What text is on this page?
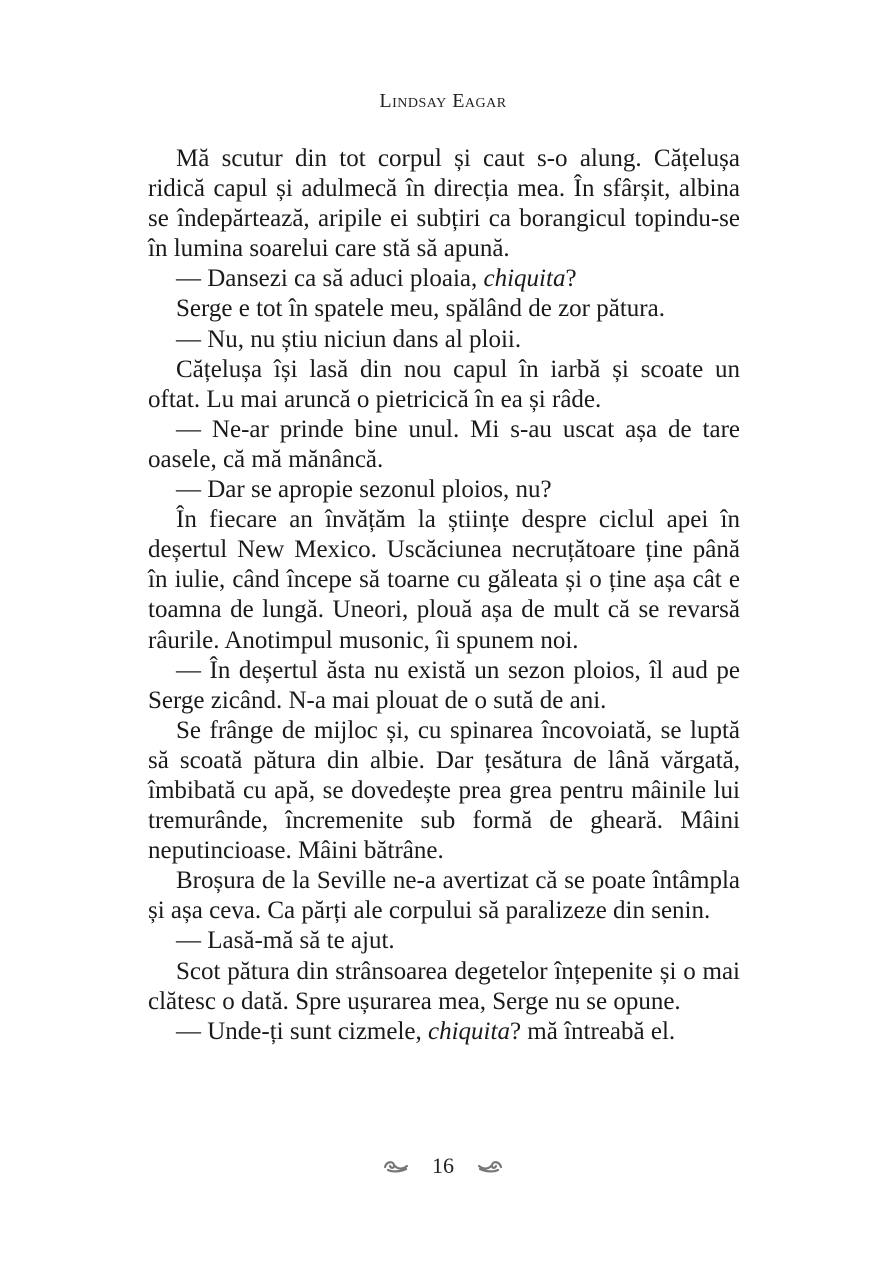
Lindsay Eagar

Mă scutur din tot corpul și caut s-o alung. Cățelușa ridică capul și adulmecă în direcția mea. În sfârșit, albina se îndepărtează, aripile ei subțiri ca borangicul topindu-se în lumina soarelui care stă să apună.

— Dansezi ca să aduci ploaia, chiquita?

Serge e tot în spatele meu, spălând de zor pătura.

— Nu, nu știu niciun dans al ploii.

Cățelușa își lasă din nou capul în iarbă și scoate un oftat. Lu mai aruncă o pietricică în ea și râde.

— Ne-ar prinde bine unul. Mi s-au uscat așa de tare oasele, că mă mănâncă.

— Dar se apropie sezonul ploios, nu?

În fiecare an învățăm la științe despre ciclul apei în deșertul New Mexico. Uscăciunea necruțătoare ține până în iulie, când începe să toarne cu găleata și o ține așa cât e toamna de lungă. Uneori, plouă așa de mult că se revarsă râurile. Anotimpul musonic, îi spunem noi.

— În deșertul ăsta nu există un sezon ploios, îl aud pe Serge zicând. N-a mai plouat de o sută de ani.

Se frânge de mijloc și, cu spinarea încovoiată, se luptă să scoată pătura din albie. Dar țesătura de lână vărgată, îmbibată cu apă, se dovedește prea grea pentru mâinile lui tremurânde, încremenite sub formă de gheară. Mâini neputincioase. Mâini bătrâne.

Broșura de la Seville ne-a avertizat că se poate întâmpla și așa ceva. Ca părți ale corpului să paralizeze din senin.

— Lasă-mă să te ajut.

Scot pătura din strânsoarea degetelor înțepenite și o mai clătesc o dată. Spre ușurarea mea, Serge nu se opune.

— Unde-ți sunt cizmele, chiquita? mă întreabă el.

16
